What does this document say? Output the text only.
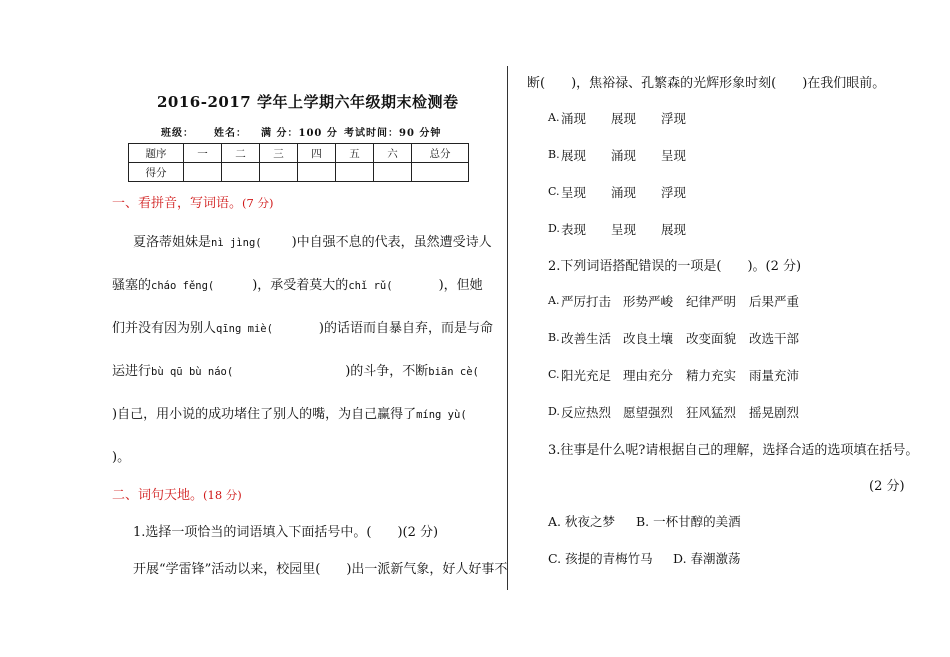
2016-2017 学年上学期六年级期末检测卷
班级： 姓名： 满 分：100 分 考试时间：90 分钟
题序	一	二	三	四	五	六	总分
得分							
一、看拼音，写词语。(7 分)
夏洛蒂姐妹是nì jìng( )中自强不息的代表，虽然遭受诗人
骚塞的cháo fěng(	)，承受着莫大的chǐ rǔ(	)，但她
们并没有因为别人qīng miè(	)的话语而自暴自弃，而是与命
运进行bù qū bù náo(	)的斗争，不断biān cè(
)自己，用小说的成功堵住了别人的嘴，为自己赢得了míng yù(
)。
二、词句天地。(18 分)
1.选择一项恰当的词语填入下面括号中。(　　)(2 分)
开展“学雷锋”活动以来，校园里(　　)出一派新气象，好人好事不
断(　　)，焦裕禄、孔繁森的光辉形象时刻(　　)在我们眼前。
A. 涌现 展现 浮现
B. 展现 涌现 呈现
C. 呈现 涌现 浮现
D. 表现 呈现 展现
2.下列词语搭配错误的一项是(　　)。(2 分)
A. 严厉打击 形势严峻 纪律严明 后果严重
B. 改善生活 改良土壤 改变面貌 改选干部
C. 阳光充足 理由充分 精力充实 雨量充沛
D. 反应热烈 愿望强烈 狂风猛烈 摇晃剧烈
3.往事是什么呢?请根据自己的理解，选择合适的选项填在括号。
(2 分)
A. 秋夜之梦 B. 一杯甘醇的美酒
C. 孩提的青梅竹马 D. 春潮激荡
